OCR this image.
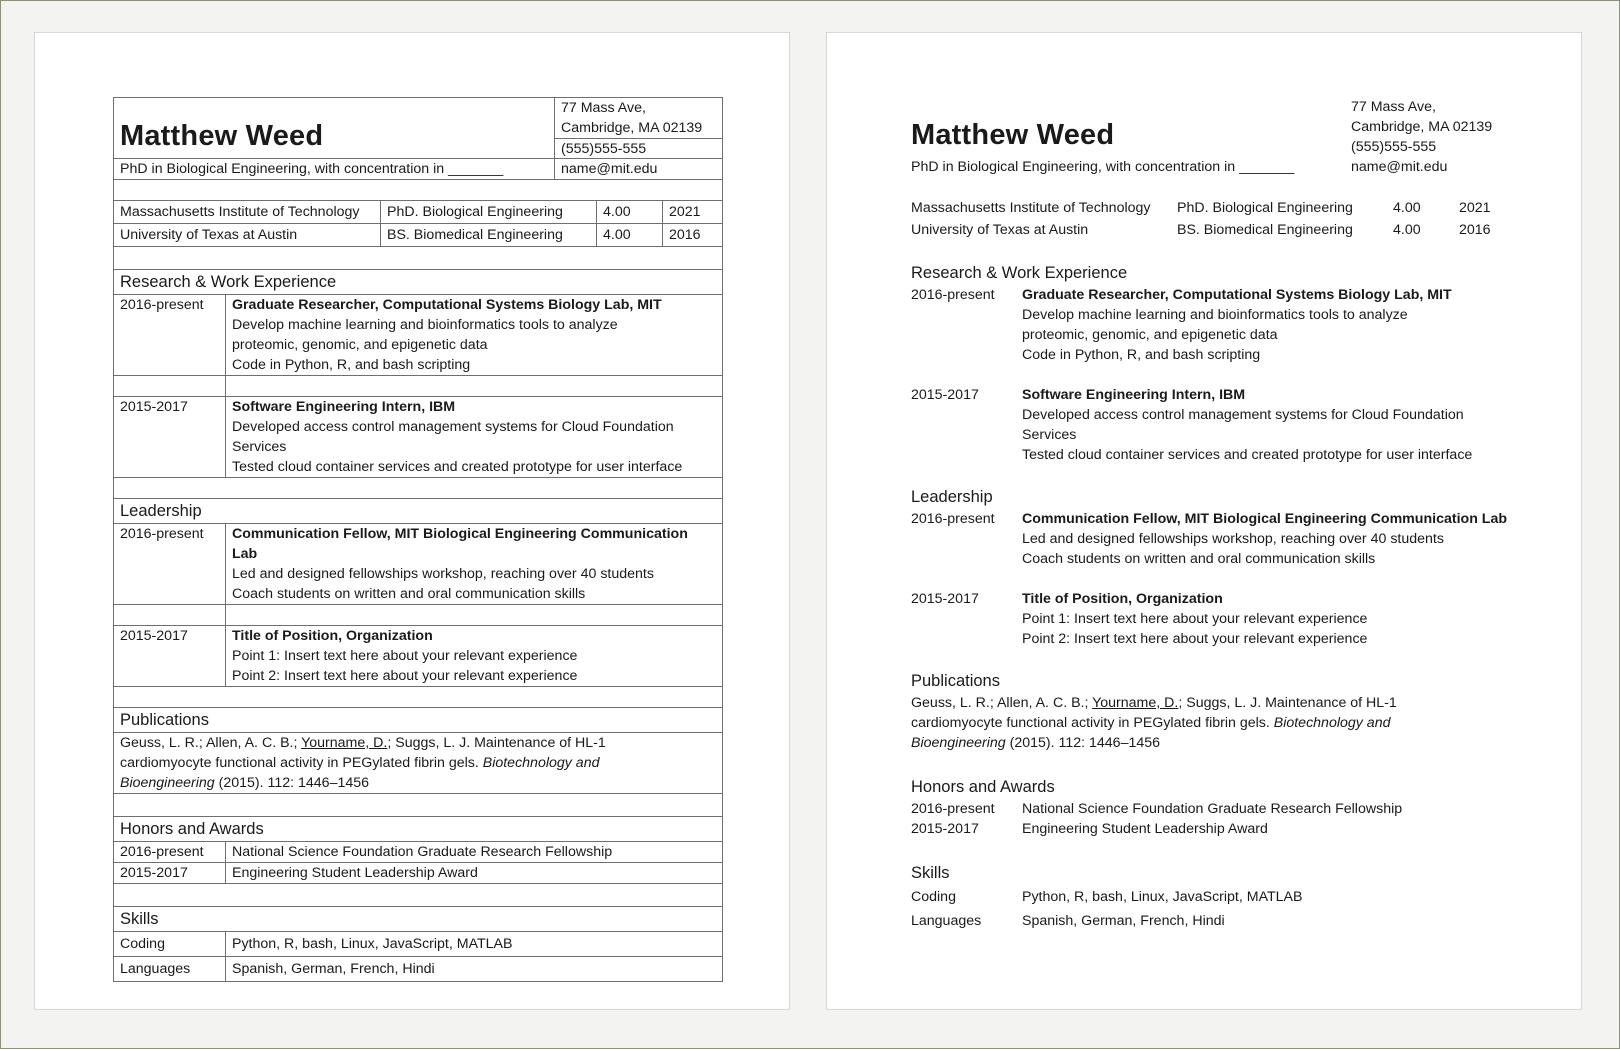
Matthew Weed
77 Mass Ave,
Cambridge, MA 02139
(555)555-555
PhD in Biological Engineering, with concentration in _______	name@mit.edu
Massachusetts Institute of Technology	PhD. Biological Engineering	4.00	2021
University of Texas at Austin	BS. Biomedical Engineering	4.00	2016
Research & Work Experience
2016-present	Graduate Researcher, Computational Systems Biology Lab, MIT
Develop machine learning and bioinformatics tools to analyze
proteomic, genomic, and epigenetic data
Code in Python, R, and bash scripting
2015-2017	Software Engineering Intern, IBM
Developed access control management systems for Cloud Foundation
Services
Tested cloud container services and created prototype for user interface
Leadership
2016-present	Communication Fellow, MIT Biological Engineering Communication Lab
Led and designed fellowships workshop, reaching over 40 students
Coach students on written and oral communication skills
2015-2017	Title of Position, Organization
Point 1: Insert text here about your relevant experience
Point 2: Insert text here about your relevant experience
Publications
Geuss, L. R.; Allen, A. C. B.; Yourname, D.; Suggs, L. J. Maintenance of HL-1
cardiomyocyte functional activity in PEGylated fibrin gels. Biotechnology and
Bioengineering (2015). 112: 1446–1456
Honors and Awards
2016-present	National Science Foundation Graduate Research Fellowship
2015-2017	Engineering Student Leadership Award
Skills
Coding	Python, R, bash, Linux, JavaScript, MATLAB
Languages	Spanish, German, French, Hindi
Matthew Weed
77 Mass Ave,
Cambridge, MA 02139
(555)555-555
PhD in Biological Engineering, with concentration in _______	name@mit.edu
Massachusetts Institute of Technology	PhD. Biological Engineering	4.00	2021
University of Texas at Austin	BS. Biomedical Engineering	4.00	2016
Research & Work Experience
2016-present	Graduate Researcher, Computational Systems Biology Lab, MIT
Develop machine learning and bioinformatics tools to analyze
proteomic, genomic, and epigenetic data
Code in Python, R, and bash scripting
2015-2017	Software Engineering Intern, IBM
Developed access control management systems for Cloud Foundation
Services
Tested cloud container services and created prototype for user interface
Leadership
2016-present	Communication Fellow, MIT Biological Engineering Communication Lab
Led and designed fellowships workshop, reaching over 40 students
Coach students on written and oral communication skills
2015-2017	Title of Position, Organization
Point 1: Insert text here about your relevant experience
Point 2: Insert text here about your relevant experience
Publications
Geuss, L. R.; Allen, A. C. B.; Yourname, D.; Suggs, L. J. Maintenance of HL-1
cardiomyocyte functional activity in PEGylated fibrin gels. Biotechnology and
Bioengineering (2015). 112: 1446–1456
Honors and Awards
2016-present	National Science Foundation Graduate Research Fellowship
2015-2017	Engineering Student Leadership Award
Skills
Coding	Python, R, bash, Linux, JavaScript, MATLAB
Languages	Spanish, German, French, Hindi
